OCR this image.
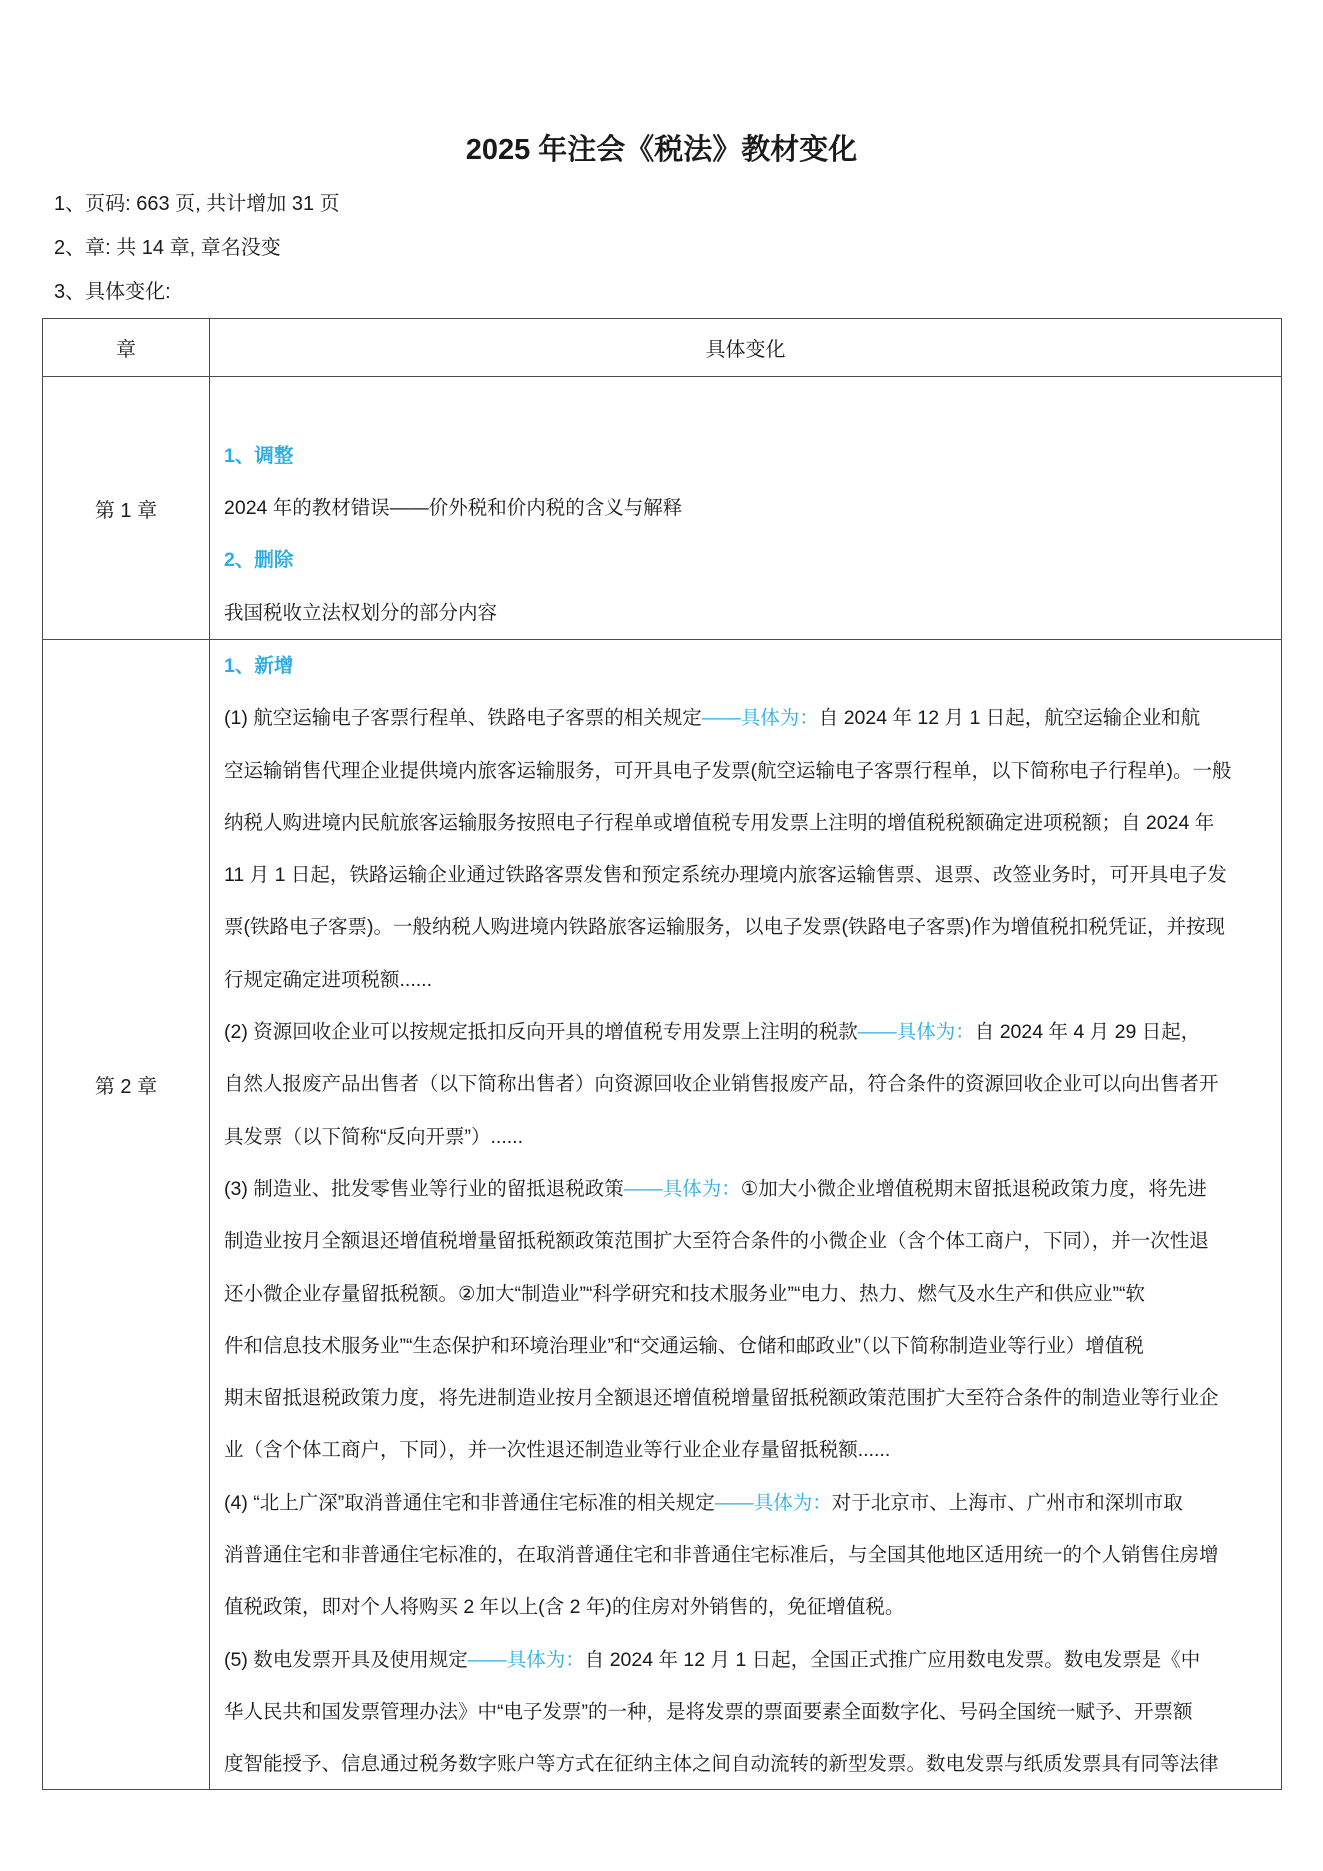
2025 年注会《税法》教材变化

1、页码: 663 页, 共计增加 31 页

2、章: 共 14 章, 章名没变

3、具体变化:

章	具体变化
第 1 章
1、调整
2024 年的教材错误——价外税和价内税的含义与解释
2、删除
我国税收立法权划分的部分内容
第 2 章
1、新增
(1) 航空运输电子客票行程单、铁路电子客票的相关规定——具体为：自 2024 年 12 月 1 日起，航空运输企业和航
空运输销售代理企业提供境内旅客运输服务，可开具电子发票(航空运输电子客票行程单，以下简称电子行程单)。一般
纳税人购进境内民航旅客运输服务按照电子行程单或增值税专用发票上注明的增值税税额确定进项税额；自 2024 年
11 月 1 日起，铁路运输企业通过铁路客票发售和预定系统办理境内旅客运输售票、退票、改签业务时，可开具电子发
票(铁路电子客票)。一般纳税人购进境内铁路旅客运输服务，以电子发票(铁路电子客票)作为增值税扣税凭证，并按现
行规定确定进项税额......
(2) 资源回收企业可以按规定抵扣反向开具的增值税专用发票上注明的税款——具体为：自 2024 年 4 月 29 日起，
自然人报废产品出售者（以下简称出售者）向资源回收企业销售报废产品，符合条件的资源回收企业可以向出售者开
具发票（以下简称“反向开票”）......
(3) 制造业、批发零售业等行业的留抵退税政策——具体为：①加大小微企业增值税期末留抵退税政策力度，将先进
制造业按月全额退还增值税增量留抵税额政策范围扩大至符合条件的小微企业（含个体工商户，下同），并一次性退
还小微企业存量留抵税额。②加大“制造业”“科学研究和技术服务业”“电力、热力、燃气及水生产和供应业”“软
件和信息技术服务业”“生态保护和环境治理业”和“交通运输、仓储和邮政业”（以下简称制造业等行业）增值税
期末留抵退税政策力度，将先进制造业按月全额退还增值税增量留抵税额政策范围扩大至符合条件的制造业等行业企
业（含个体工商户，下同），并一次性退还制造业等行业企业存量留抵税额......
(4) “北上广深”取消普通住宅和非普通住宅标准的相关规定——具体为：对于北京市、上海市、广州市和深圳市取
消普通住宅和非普通住宅标准的，在取消普通住宅和非普通住宅标准后，与全国其他地区适用统一的个人销售住房增
值税政策，即对个人将购买 2 年以上(含 2 年)的住房对外销售的，免征增值税。
(5) 数电发票开具及使用规定——具体为：自 2024 年 12 月 1 日起，全国正式推广应用数电发票。数电发票是《中
华人民共和国发票管理办法》中“电子发票”的一种，是将发票的票面要素全面数字化、号码全国统一赋予、开票额
度智能授予、信息通过税务数字账户等方式在征纳主体之间自动流转的新型发票。数电发票与纸质发票具有同等法律
